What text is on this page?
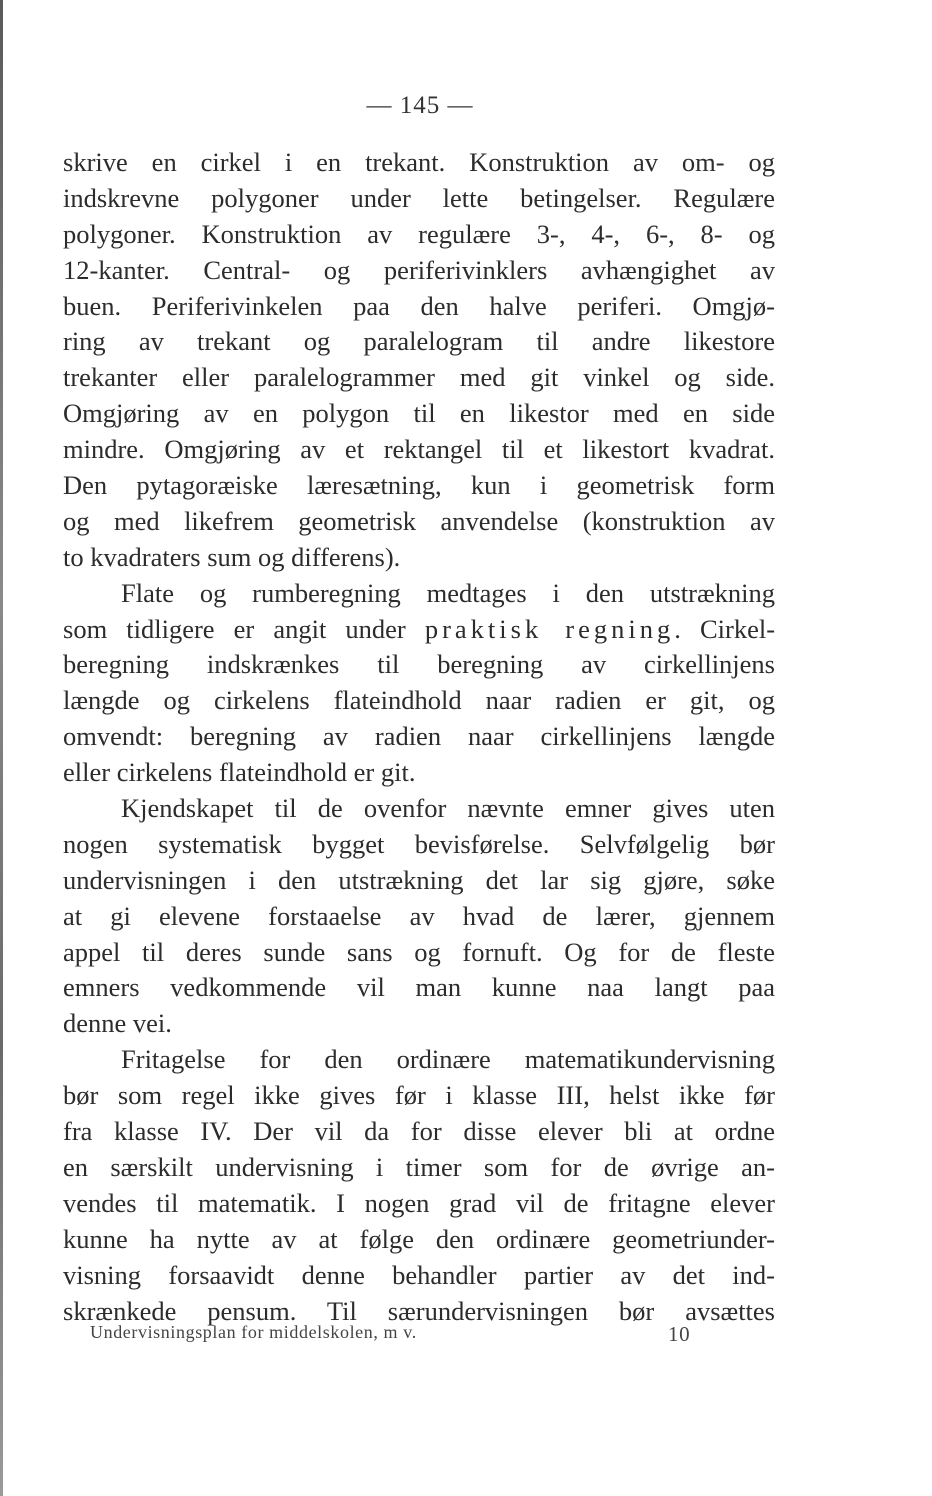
— 145 —
skrive en cirkel i en trekant. Konstruktion av om- og
indskrevne polygoner under lette betingelser. Regulære
polygoner. Konstruktion av regulære 3-, 4-, 6-, 8- og
12-kanter. Central- og periferivinklers avhængighet av
buen. Periferivinkelen paa den halve periferi. Omgjø-
ring av trekant og paralelogram til andre likestore
trekanter eller paralelogrammer med git vinkel og side.
Omgjøring av en polygon til en likestor med en side
mindre. Omgjøring av et rektangel til et likestort kvadrat.
Den pytagoræiske læresætning, kun i geometrisk form
og med likefrem geometrisk anvendelse (konstruktion av
to kvadraters sum og differens).
Flate og rumberegning medtages i den utstrækning
som tidligere er angit under praktisk regning. Cirkel-
beregning indskrænkes til beregning av cirkellinjens
længde og cirkelens flateindhold naar radien er git, og
omvendt: beregning av radien naar cirkellinjens længde
eller cirkelens flateindhold er git.
Kjendskapet til de ovenfor nævnte emner gives uten
nogen systematisk bygget bevisførelse. Selvfølgelig bør
undervisningen i den utstrækning det lar sig gjøre, søke
at gi elevene forstaaelse av hvad de lærer, gjennem
appel til deres sunde sans og fornuft. Og for de fleste
emners vedkommende vil man kunne naa langt paa
denne vei.
Fritagelse for den ordinære matematikundervisning
bør som regel ikke gives før i klasse III, helst ikke før
fra klasse IV. Der vil da for disse elever bli at ordne
en særskilt undervisning i timer som for de øvrige an-
vendes til matematik. I nogen grad vil de fritagne elever
kunne ha nytte av at følge den ordinære geometriunder-
visning forsaavidt denne behandler partier av det ind-
skrænkede pensum. Til særundervisningen bør avsættes
Undervisningsplan for middelskolen, m v.	10
